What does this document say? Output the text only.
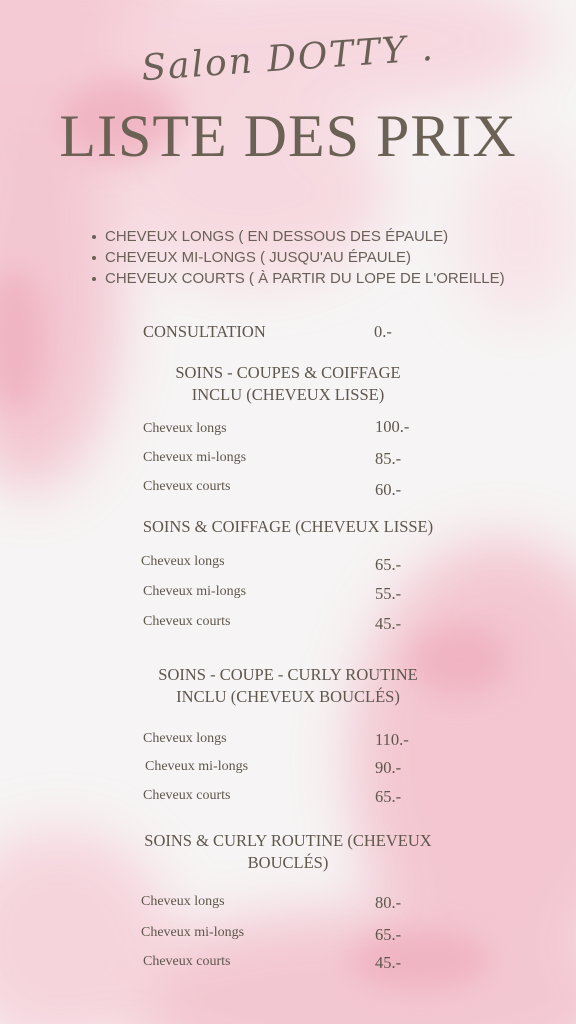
Salon DOTTY .
LISTE DES PRIX
CHEVEUX LONGS ( EN DESSOUS DES ÉPAULE)
CHEVEUX MI-LONGS ( JUSQU'AU ÉPAULE)
CHEVEUX COURTS ( À PARTIR DU LOPE DE L'OREILLE)
CONSULTATION	0.-
SOINS - COUPES & COIFFAGE
INCLU (CHEVEUX LISSE)
Cheveux longs	100.-
Cheveux mi-longs	85.-
Cheveux courts	60.-
SOINS & COIFFAGE (CHEVEUX LISSE)
Cheveux longs	65.-
Cheveux mi-longs	55.-
Cheveux courts	45.-
SOINS - COUPE - CURLY ROUTINE
INCLU (CHEVEUX BOUCLÉS)
Cheveux longs	110.-
Cheveux mi-longs	90.-
Cheveux courts	65.-
SOINS & CURLY ROUTINE (CHEVEUX
BOUCLÉS)
Cheveux longs	80.-
Cheveux mi-longs	65.-
Cheveux courts	45.-
